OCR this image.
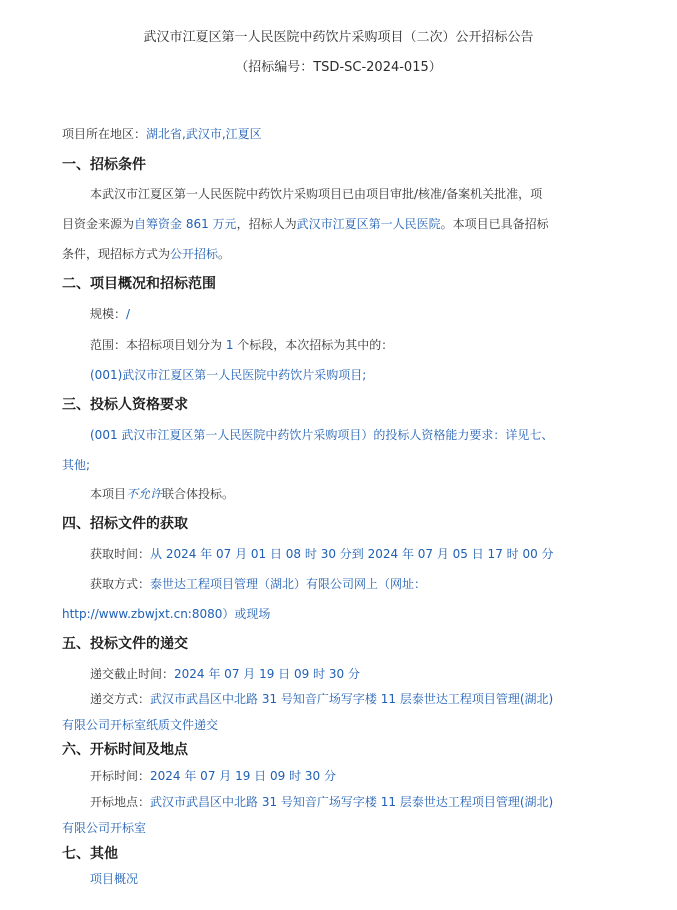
武汉市江夏区第一人民医院中药饮片采购项目（二次）公开招标公告
（招标编号：TSD-SC-2024-015）
项目所在地区：湖北省,武汉市,江夏区
一、招标条件
本武汉市江夏区第一人民医院中药饮片采购项目已由项目审批/核准/备案机关批准，项
目资金来源为自筹资金 861 万元，招标人为武汉市江夏区第一人民医院。本项目已具备招标
条件，现招标方式为公开招标。
二、项目概况和招标范围
规模：/
范围：本招标项目划分为 1 个标段，本次招标为其中的：
(001)武汉市江夏区第一人民医院中药饮片采购项目;
三、投标人资格要求
(001 武汉市江夏区第一人民医院中药饮片采购项目）的投标人资格能力要求：详见七、
其他;
本项目不允许联合体投标。
四、招标文件的获取
获取时间：从 2024 年 07 月 01 日 08 时 30 分到 2024 年 07 月 05 日 17 时 00 分
获取方式：泰世达工程项目管理（湖北）有限公司网上（网址：
http://www.zbwjxt.cn:8080）或现场
五、投标文件的递交
递交截止时间：2024 年 07 月 19 日 09 时 30 分
递交方式：武汉市武昌区中北路 31 号知音广场写字楼 11 层泰世达工程项目管理(湖北)
有限公司开标室纸质文件递交
六、开标时间及地点
开标时间：2024 年 07 月 19 日 09 时 30 分
开标地点：武汉市武昌区中北路 31 号知音广场写字楼 11 层泰世达工程项目管理(湖北)
有限公司开标室
七、其他
项目概况
